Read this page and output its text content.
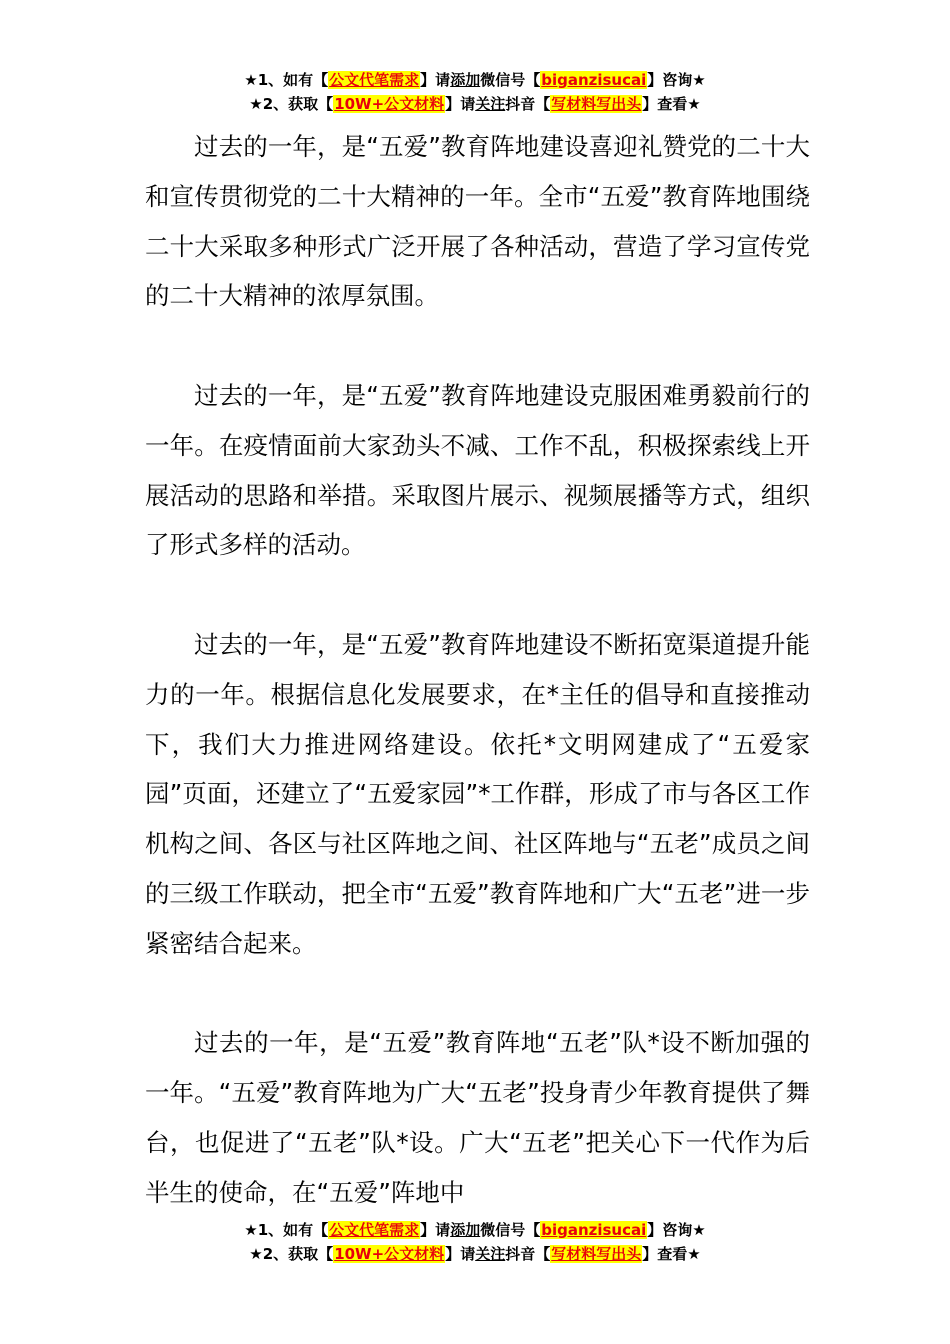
★1、如有【公文代笔需求】请添加微信号【biganzisucai】咨询★
★2、获取【10W+公文材料】请关注抖音【写材料写出头】查看★

过去的一年，是“五爱”教育阵地建设喜迎礼赞党的二十大和宣传贯彻党的二十大精神的一年。全市“五爱”教育阵地围绕二十大采取多种形式广泛开展了各种活动，营造了学习宣传党的二十大精神的浓厚氛围。

过去的一年，是“五爱”教育阵地建设克服困难勇毅前行的一年。在疫情面前大家劲头不减、工作不乱，积极探索线上开展活动的思路和举措。采取图片展示、视频展播等方式，组织了形式多样的活动。

过去的一年，是“五爱”教育阵地建设不断拓宽渠道提升能力的一年。根据信息化发展要求，在*主任的倡导和直接推动下，我们大力推进网络建设。依托*文明网建成了“五爱家园”页面，还建立了“五爱家园”*工作群，形成了市与各区工作机构之间、各区与社区阵地之间、社区阵地与“五老”成员之间的三级工作联动，把全市“五爱”教育阵地和广大“五老”进一步紧密结合起来。

过去的一年，是“五爱”教育阵地“五老”队*设不断加强的一年。“五爱”教育阵地为广大“五老”投身青少年教育提供了舞台，也促进了“五老”队*设。广大“五老”把关心下一代作为后半生的使命，在“五爱”阵地中

★1、如有【公文代笔需求】请添加微信号【biganzisucai】咨询★
★2、获取【10W+公文材料】请关注抖音【写材料写出头】查看★
